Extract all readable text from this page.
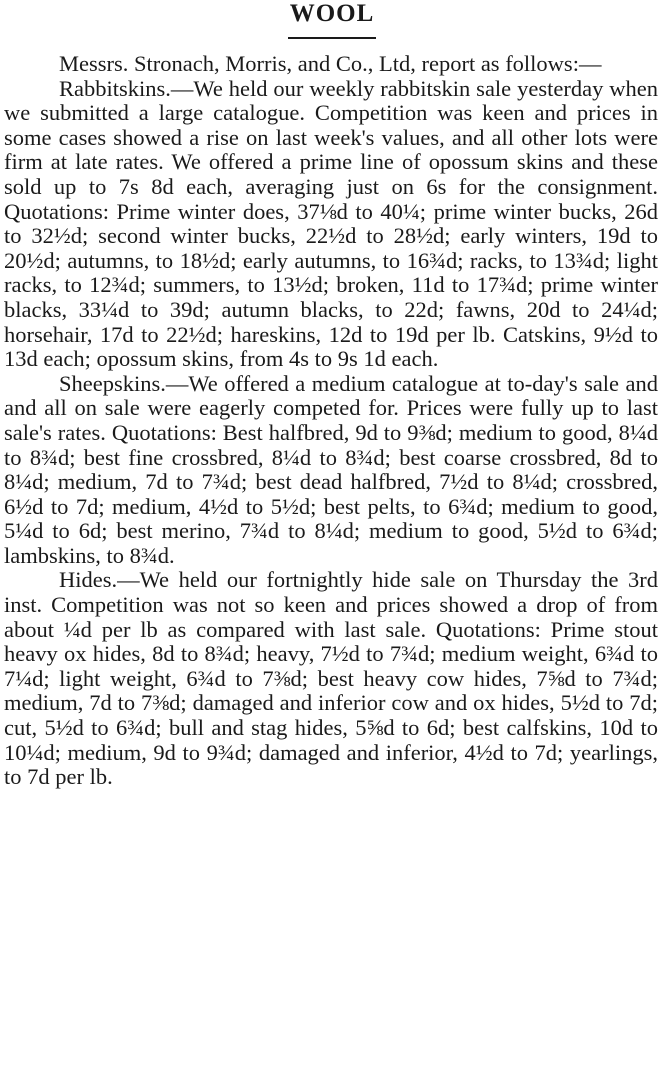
WOOL

Messrs. Stronach, Morris, and Co., Ltd, report as follows:—

Rabbitskins.—We held our weekly rabbitskin sale yesterday when we submitted a large catalogue. Competition was keen and prices in some cases showed a rise on last week's values, and all other lots were firm at late rates. We offered a prime line of opossum skins and these sold up to 7s 8d each, averaging just on 6s for the consignment. Quotations: Prime winter does, 37⅛d to 40¼; prime winter bucks, 26d to 32½d; second winter bucks, 22½d to 28½d; early winters, 19d to 20½d; autumns, to 18½d; early autumns, to 16¾d; racks, to 13¾d; light racks, to 12¾d; summers, to 13½d; broken, 11d to 17¾d; prime winter blacks, 33¼d to 39d; autumn blacks, to 22d; fawns, 20d to 24¼d; horsehair, 17d to 22½d; hareskins, 12d to 19d per lb. Catskins, 9½d to 13d each; opossum skins, from 4s to 9s 1d each.

Sheepskins.—We offered a medium catalogue at to-day's sale and and all on sale were eagerly competed for. Prices were fully up to last sale's rates. Quotations: Best halfbred, 9d to 9⅜d; medium to good, 8¼d to 8¾d; best fine crossbred, 8¼d to 8¾d; best coarse crossbred, 8d to 8¼d; medium, 7d to 7¾d; best dead halfbred, 7½d to 8¼d; crossbred, 6½d to 7d; medium, 4½d to 5½d; best pelts, to 6¾d; medium to good, 5¼d to 6d; best merino, 7¾d to 8¼d; medium to good, 5½d to 6¾d; lambskins, to 8¾d.

Hides.—We held our fortnightly hide sale on Thursday the 3rd inst. Competition was not so keen and prices showed a drop of from about ¼d per lb as compared with last sale. Quotations: Prime stout heavy ox hides, 8d to 8¾d; heavy, 7½d to 7¾d; medium weight, 6¾d to 7¼d; light weight, 6¾d to 7⅜d; best heavy cow hides, 7⅝d to 7¾d; medium, 7d to 7⅜d; damaged and inferior cow and ox hides, 5½d to 7d; cut, 5½d to 6¾d; bull and stag hides, 5⅝d to 6d; best calfskins, 10d to 10¼d; medium, 9d to 9¾d; damaged and inferior, 4½d to 7d; yearlings, to 7d per lb.
